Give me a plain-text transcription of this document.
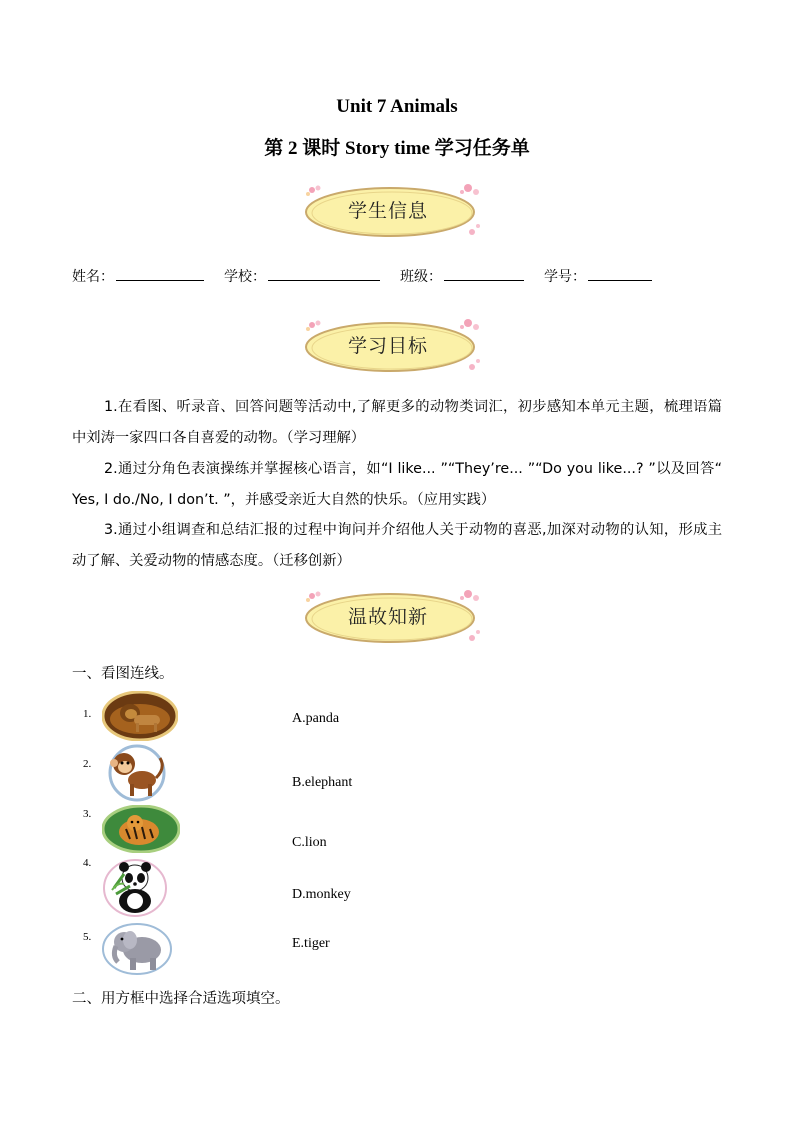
Unit 7 Animals
第 2 课时 Story time 学习任务单
学生信息
姓名：	学校：	班级：	学号：
学习目标
1.在看图、听录音、回答问题等活动中,了解更多的动物类词汇，初步感知本单元主题，梳理语篇中刘涛一家四口各自喜爱的动物。（学习理解）
2.通过分角色表演操练并掌握核心语言，如“I like... ”“They’re... ”“Do you like...? ”以及回答“ Yes, I do./No, I don’t. ”，并感受亲近大自然的快乐。（应用实践）
3.通过小组调查和总结汇报的过程中询问并介绍他人关于动物的喜恶,加深对动物的认知，形成主动了解、关爱动物的情感态度。（迁移创新）
温故知新
一、看图连线。
1.
2.
3.
4.
5.
A.panda
B.elephant
C.lion
D.monkey
E.tiger
二、用方框中选择合适选项填空。
